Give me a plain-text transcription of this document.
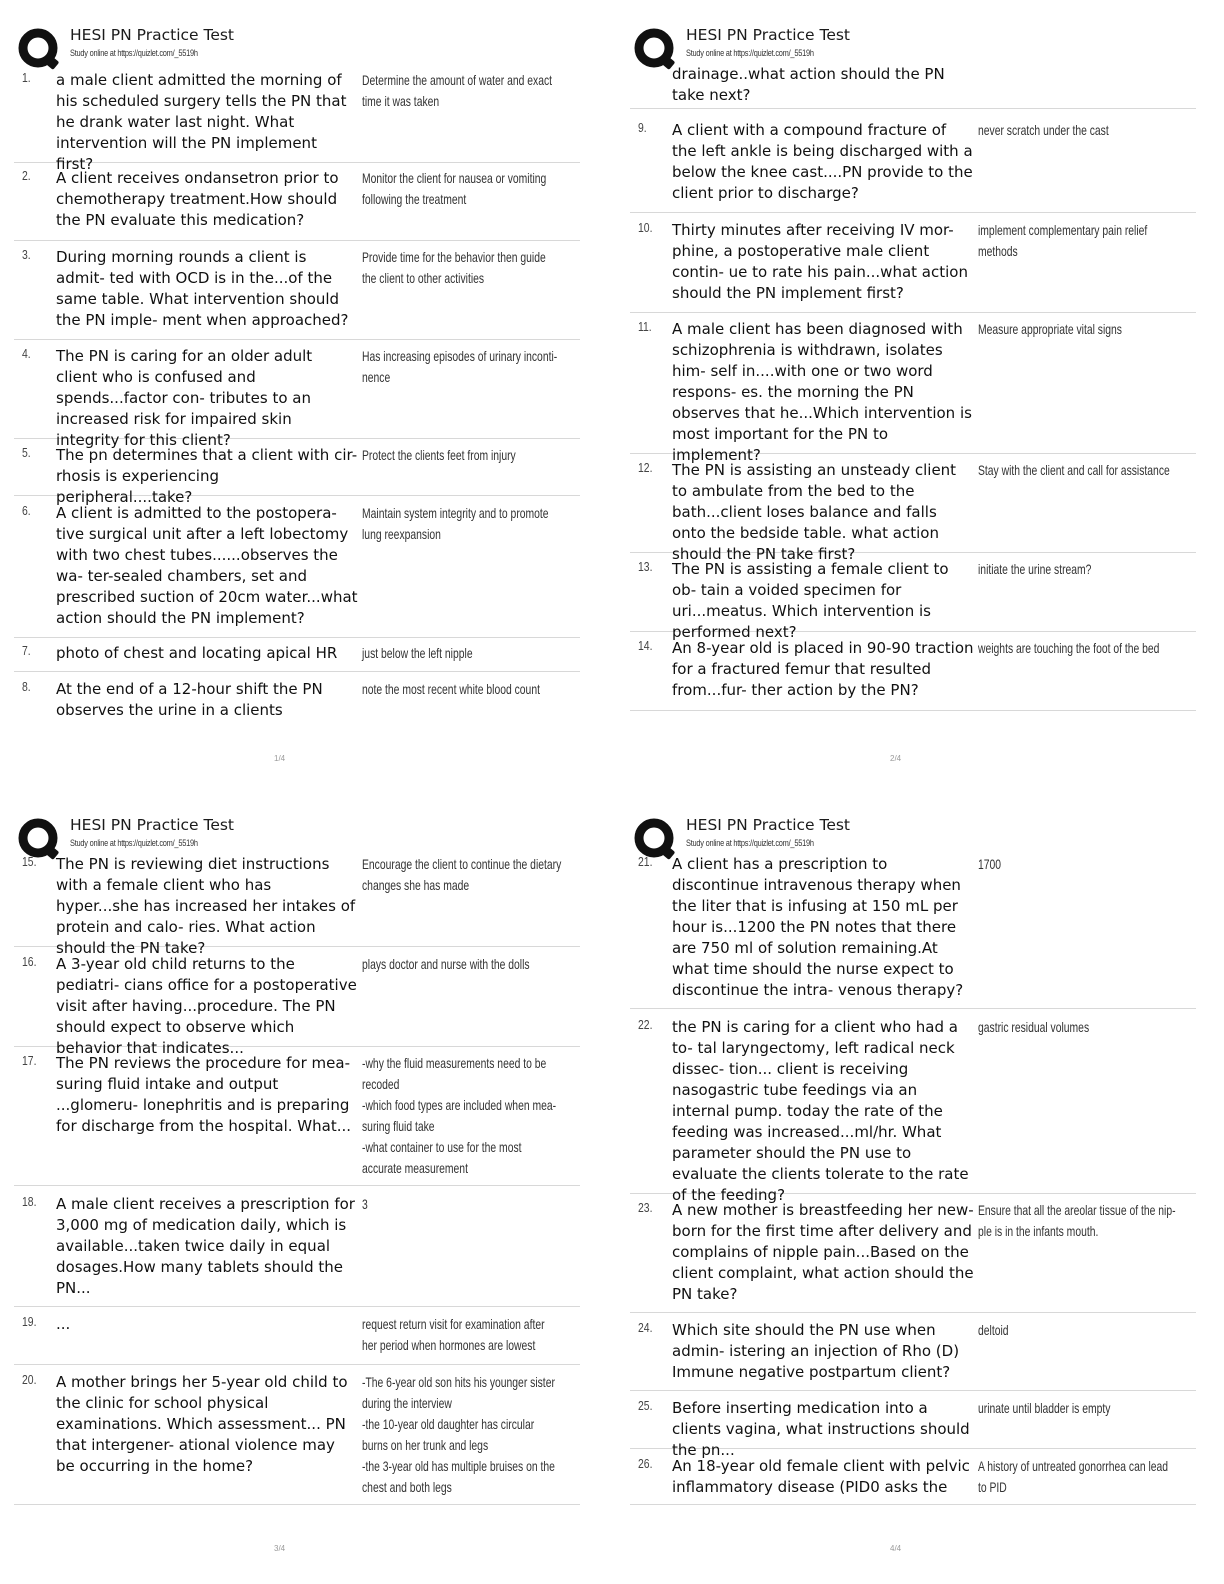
HESI PN Practice Test
Study online at https://quizlet.com/_5519h
1. a male client admitted the morning of his scheduled surgery tells the PN that he drank water last night. What intervention will the PN implement first?
Determine the amount of water and exact time it was taken
2. A client receives ondansetron prior to chemotherapy treatment.How should the PN evaluate this medication?
Monitor the client for nausea or vomiting following the treatment
3. During morning rounds a client is admit- ted with OCD is in the...of the same table. What intervention should the PN imple- ment when approached?
Provide time for the behavior then guide the client to other activities
4. The PN is caring for an older adult client who is confused and spends...factor con- tributes to an increased risk for impaired skin integrity for this client?
Has increasing episodes of urinary inconti- nence
5. The pn determines that a client with cir- rhosis is experiencing peripheral....take?
Protect the clients feet from injury
6. A client is admitted to the postopera- tive surgical unit after a left lobectomy with two chest tubes......observes the wa- ter-sealed chambers, set and prescribed suction of 20cm water...what action should the PN implement?
Maintain system integrity and to promote lung reexpansion
7. photo of chest and locating apical HR	just below the left nipple
8. At the end of a 12-hour shift the PN observes the urine in a clients
note the most recent white blood count
1/4
HESI PN Practice Test
Study online at https://quizlet.com/_5519h
drainage..what action should the PN take next?
9. A client with a compound fracture of the left ankle is being discharged with a below the knee cast....PN provide to the client prior to discharge?
never scratch under the cast
10. Thirty minutes after receiving IV mor- phine, a postoperative male client contin- ue to rate his pain...what action should the PN implement first?
implement complementary pain relief methods
11. A male client has been diagnosed with schizophrenia is withdrawn, isolates him- self in....with one or two word respons- es. the morning the PN observes that he...Which intervention is most important for the PN to implement?
Measure appropriate vital signs
12. The PN is assisting an unsteady client to ambulate from the bed to the bath...client loses balance and falls onto the bedside table. what action should the PN take first?
Stay with the client and call for assistance
13. The PN is assisting a female client to ob- tain a voided specimen for uri...meatus. Which intervention is performed next?
initiate the urine stream?
14. An 8-year old is placed in 90-90 traction for a fractured femur that resulted from...fur- ther action by the PN?
weights are touching the foot of the bed
2/4
HESI PN Practice Test
Study online at https://quizlet.com/_5519h
15. The PN is reviewing diet instructions with a female client who has hyper...she has increased her intakes of protein and calo- ries. What action should the PN take?
Encourage the client to continue the dietary changes she has made
16. A 3-year old child returns to the pediatri- cians office for a postoperative visit after having...procedure. The PN should expect to observe which behavior that indicates...
plays doctor and nurse with the dolls
17. The PN reviews the procedure for mea- suring fluid intake and output ...glomeru- lonephritis and is preparing for discharge from the hospital. What...
-why the fluid measurements need to be recoded
-which food types are included when mea- suring fluid take
-what container to use for the most accurate measurement
18. A male client receives a prescription for 3,000 mg of medication daily, which is available...taken twice daily in equal dosages.How many tablets should the PN...
3
19. ...	request return visit for examination after her period when hormones are lowest
20. A mother brings her 5-year old child to the clinic for school physical examinations. Which assessment... PN that intergener- ational violence may be occurring in the home?
-The 6-year old son hits his younger sister during the interview
-the 10-year old daughter has circular burns on her trunk and legs
-the 3-year old has multiple bruises on the chest and both legs
3/4
HESI PN Practice Test
Study online at https://quizlet.com/_5519h
21. A client has a prescription to discontinue intravenous therapy when the liter that is infusing at 150 mL per hour is...1200 the PN notes that there are 750 ml of solution remaining.At what time should the nurse expect to discontinue the intra- venous therapy?
1700
22. the PN is caring for a client who had a to- tal laryngectomy, left radical neck dissec- tion... client is receiving nasogastric tube feedings via an internal pump. today the rate of the feeding was increased...ml/hr. What parameter should the PN use to evaluate the clients tolerate to the rate of the feeding?
gastric residual volumes
23. A new mother is breastfeeding her new- born for the first time after delivery and complains of nipple pain...Based on the client complaint, what action should the PN take?
Ensure that all the areolar tissue of the nip- ple is in the infants mouth.
24. Which site should the PN use when admin- istering an injection of Rho (D) Immune negative postpartum client?
deltoid
25. Before inserting medication into a clients vagina, what instructions should the pn...
urinate until bladder is empty
26. An 18-year old female client with pelvic inflammatory disease (PID0 asks the
A history of untreated gonorrhea can lead to PID
4/4
